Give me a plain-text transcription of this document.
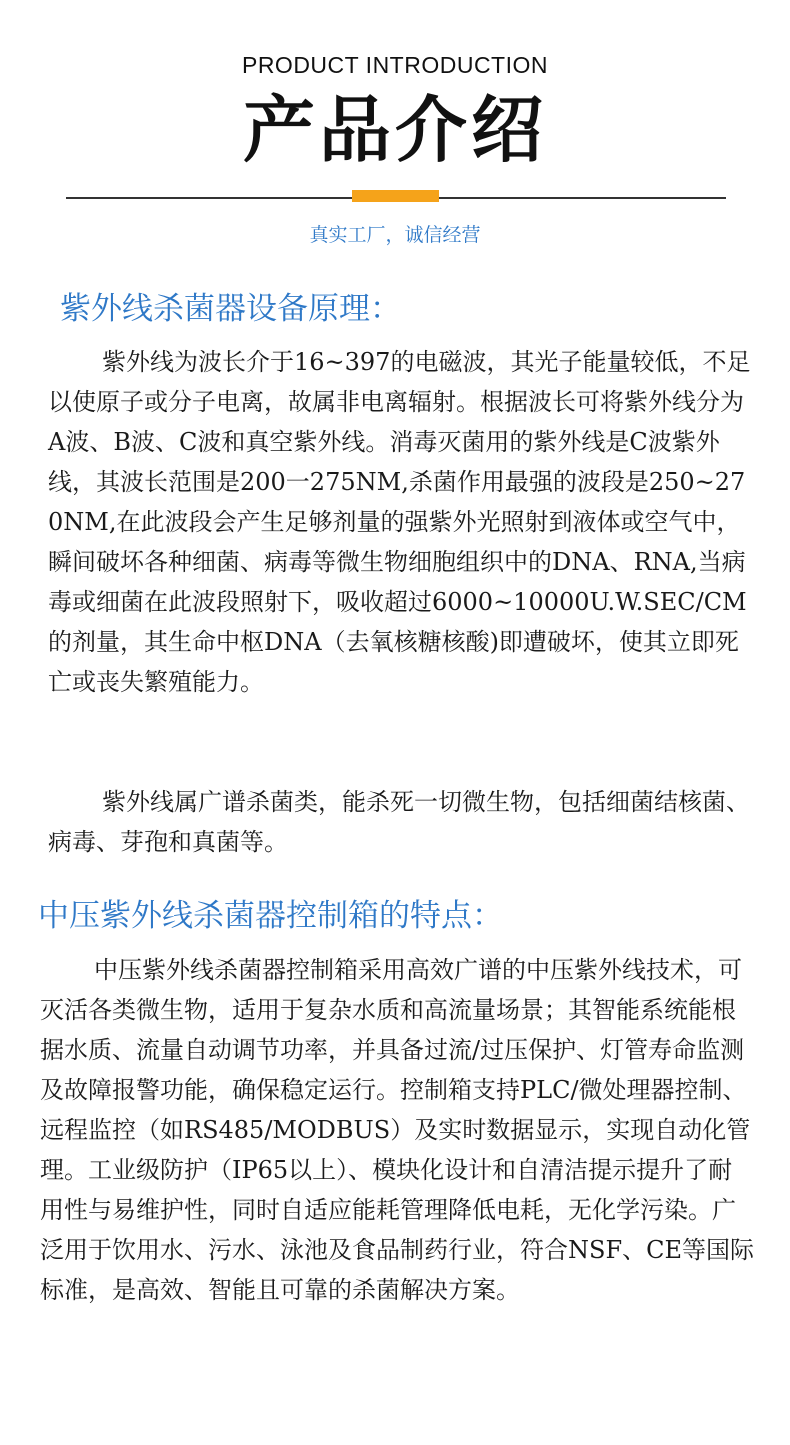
PRODUCT INTRODUCTION
产品介绍
真实工厂，诚信经营
紫外线杀菌器设备原理：

紫外线为波长介于16~397的电磁波，其光子能量较低，不足以使原子或分子电离，故属非电离辐射。根据波长可将紫外线分为A波、B波、C波和真空紫外线。消毒灭菌用的紫外线是C波紫外线，其波长范围是200一275NM,杀菌作用最强的波段是250~270NM,在此波段会产生足够剂量的强紫外光照射到液体或空气中，瞬间破坏各种细菌、病毒等微生物细胞组织中的DNA、RNA,当病毒或细菌在此波段照射下，吸收超过6000~10000U.W.SEC/CM的剂量，其生命中枢DNA（去氧核糖核酸)即遭破坏，使其立即死亡或丧失繁殖能力。

紫外线属广谱杀菌类，能杀死一切微生物，包括细菌结核菌、病毒、芽孢和真菌等。

中压紫外线杀菌器控制箱的特点：

中压紫外线杀菌器控制箱采用高效广谱的中压紫外线技术，可灭活各类微生物，适用于复杂水质和高流量场景；其智能系统能根据水质、流量自动调节功率，并具备过流/过压保护、灯管寿命监测及故障报警功能，确保稳定运行。控制箱支持PLC/微处理器控制、远程监控（如RS485/MODBUS）及实时数据显示，实现自动化管理。工业级防护（IP65以上）、模块化设计和自清洁提示提升了耐用性与易维护性，同时自适应能耗管理降低电耗，无化学污染。广泛用于饮用水、污水、泳池及食品制药行业，符合NSF、CE等国际标准，是高效、智能且可靠的杀菌解决方案。
